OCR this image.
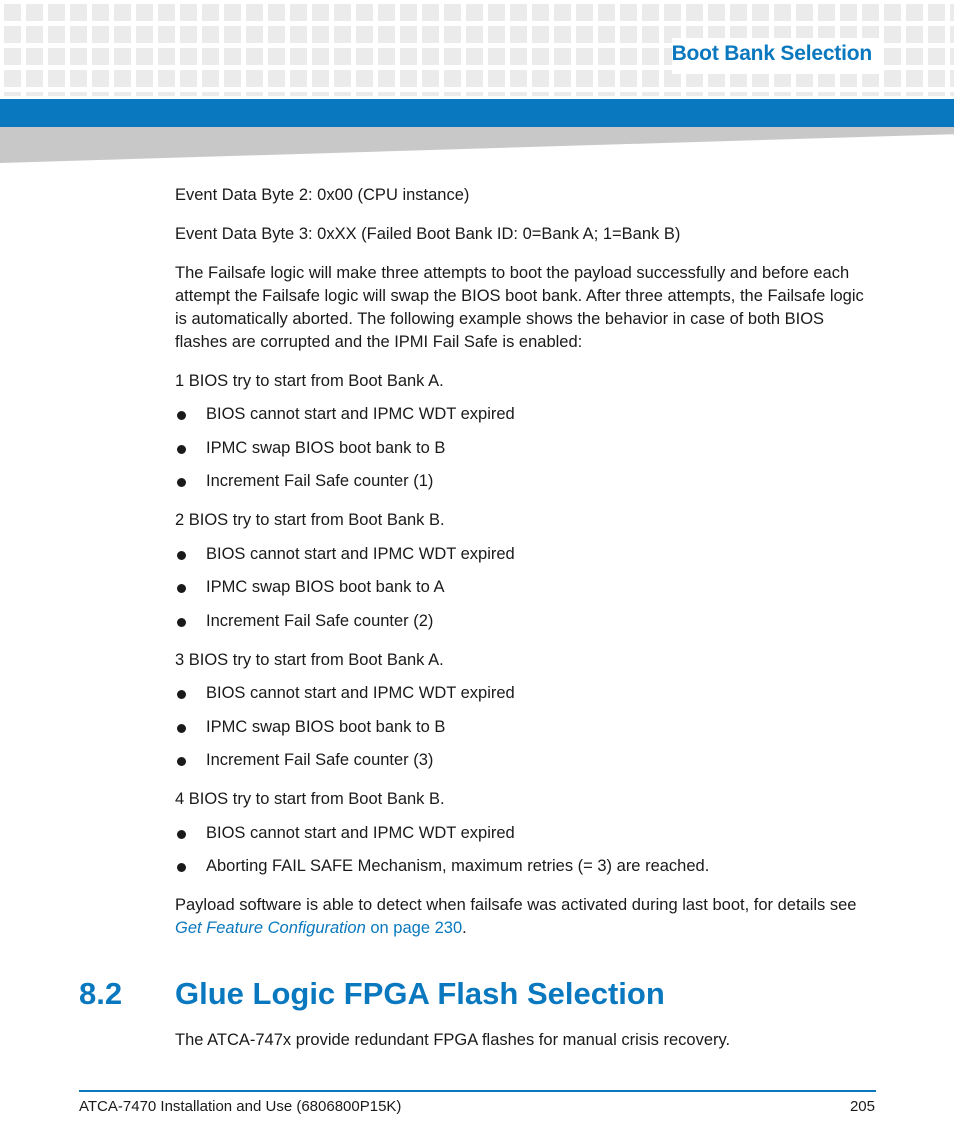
Boot Bank Selection

Event Data Byte 2: 0x00 (CPU instance)

Event Data Byte 3: 0xXX (Failed Boot Bank ID: 0=Bank A; 1=Bank B)

The Failsafe logic will make three attempts to boot the payload successfully and before each

attempt the Failsafe logic will swap the BIOS boot bank. After three attempts, the Failsafe logic

is automatically aborted. The following example shows the behavior in case of both BIOS

flashes are corrupted and the IPMI Fail Safe is enabled:

1 BIOS try to start from Boot Bank A.

BIOS cannot start and IPMC WDT expired
IPMC swap BIOS boot bank to B
Increment Fail Safe counter (1)

2 BIOS try to start from Boot Bank B.

BIOS cannot start and IPMC WDT expired
IPMC swap BIOS boot bank to A
Increment Fail Safe counter (2)

3 BIOS try to start from Boot Bank A.

BIOS cannot start and IPMC WDT expired
IPMC swap BIOS boot bank to B
Increment Fail Safe counter (3)

4 BIOS try to start from Boot Bank B.

BIOS cannot start and IPMC WDT expired
Aborting FAIL SAFE Mechanism, maximum retries (= 3) are reached.

Payload software is able to detect when failsafe was activated during last boot, for details see

Get Feature Configuration on page 230.

The ATCA-747x provide redundant FPGA flashes for manual crisis recovery.

8.2 Glue Logic FPGA Flash Selection
ATCA-7470 Installation and Use (6806800P15K)	205
